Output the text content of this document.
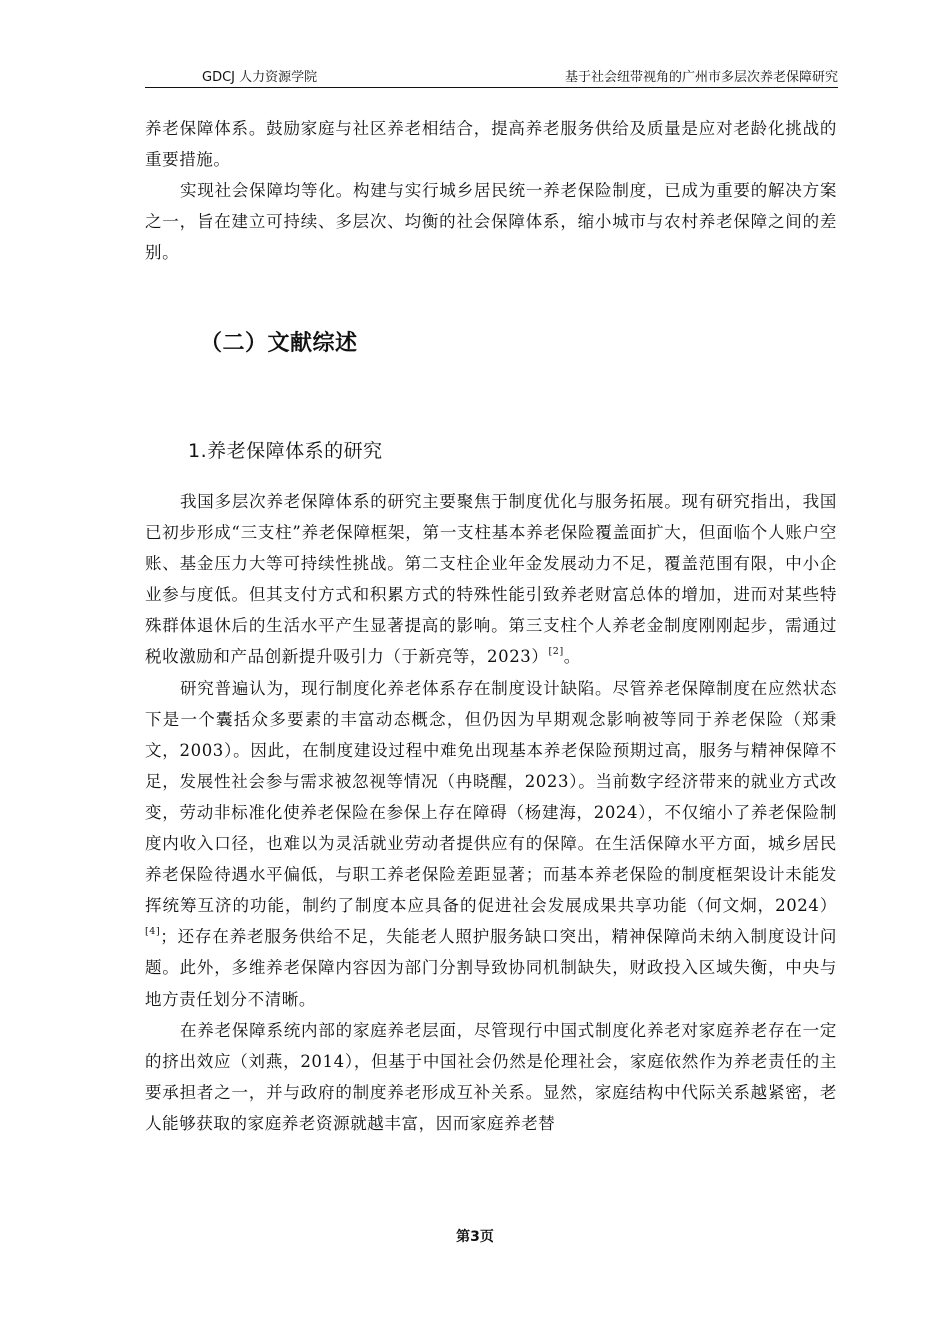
GDCJ 人力资源学院	基于社会纽带视角的广州市多层次养老保障研究

养老保障体系。鼓励家庭与社区养老相结合，提高养老服务供给及质量是应对老龄化挑战的重要措施。

实现社会保障均等化。构建与实行城乡居民统一养老保险制度，已成为重要的解决方案之一，旨在建立可持续、多层次、均衡的社会保障体系，缩小城市与农村养老保障之间的差别。

（二）文献综述
1.养老保障体系的研究

我国多层次养老保障体系的研究主要聚焦于制度优化与服务拓展。现有研究指出，我国已初步形成“三支柱”养老保障框架，第一支柱基本养老保险覆盖面扩大，但面临个人账户空账、基金压力大等可持续性挑战。第二支柱企业年金发展动力不足，覆盖范围有限，中小企业参与度低。但其支付方式和积累方式的特殊性能引致养老财富总体的增加，进而对某些特殊群体退休后的生活水平产生显著提高的影响。第三支柱个人养老金制度刚刚起步，需通过税收激励和产品创新提升吸引力（于新亮等，2023）[2]。

研究普遍认为，现行制度化养老体系存在制度设计缺陷。尽管养老保障制度在应然状态下是一个囊括众多要素的丰富动态概念，但仍因为早期观念影响被等同于养老保险（郑秉文，2003）。因此，在制度建设过程中难免出现基本养老保险预期过高，服务与精神保障不足，发展性社会参与需求被忽视等情况（冉晓醒，2023）。当前数字经济带来的就业方式改变，劳动非标准化使养老保险在参保上存在障碍（杨建海，2024），不仅缩小了养老保险制度内收入口径，也难以为灵活就业劳动者提供应有的保障。在生活保障水平方面，城乡居民养老保险待遇水平偏低，与职工养老保险差距显著；而基本养老保险的制度框架设计未能发挥统筹互济的功能，制约了制度本应具备的促进社会发展成果共享功能（何文炯，2024）[4]；还存在养老服务供给不足，失能老人照护服务缺口突出，精神保障尚未纳入制度设计问题。此外，多维养老保障内容因为部门分割导致协同机制缺失，财政投入区域失衡，中央与地方责任划分不清晰。

在养老保障系统内部的家庭养老层面，尽管现行中国式制度化养老对家庭养老存在一定的挤出效应（刘燕，2014），但基于中国社会仍然是伦理社会，家庭依然作为养老责任的主要承担者之一，并与政府的制度养老形成互补关系。显然，家庭结构中代际关系越紧密，老人能够获取的家庭养老资源就越丰富，因而家庭养老替

第3页
